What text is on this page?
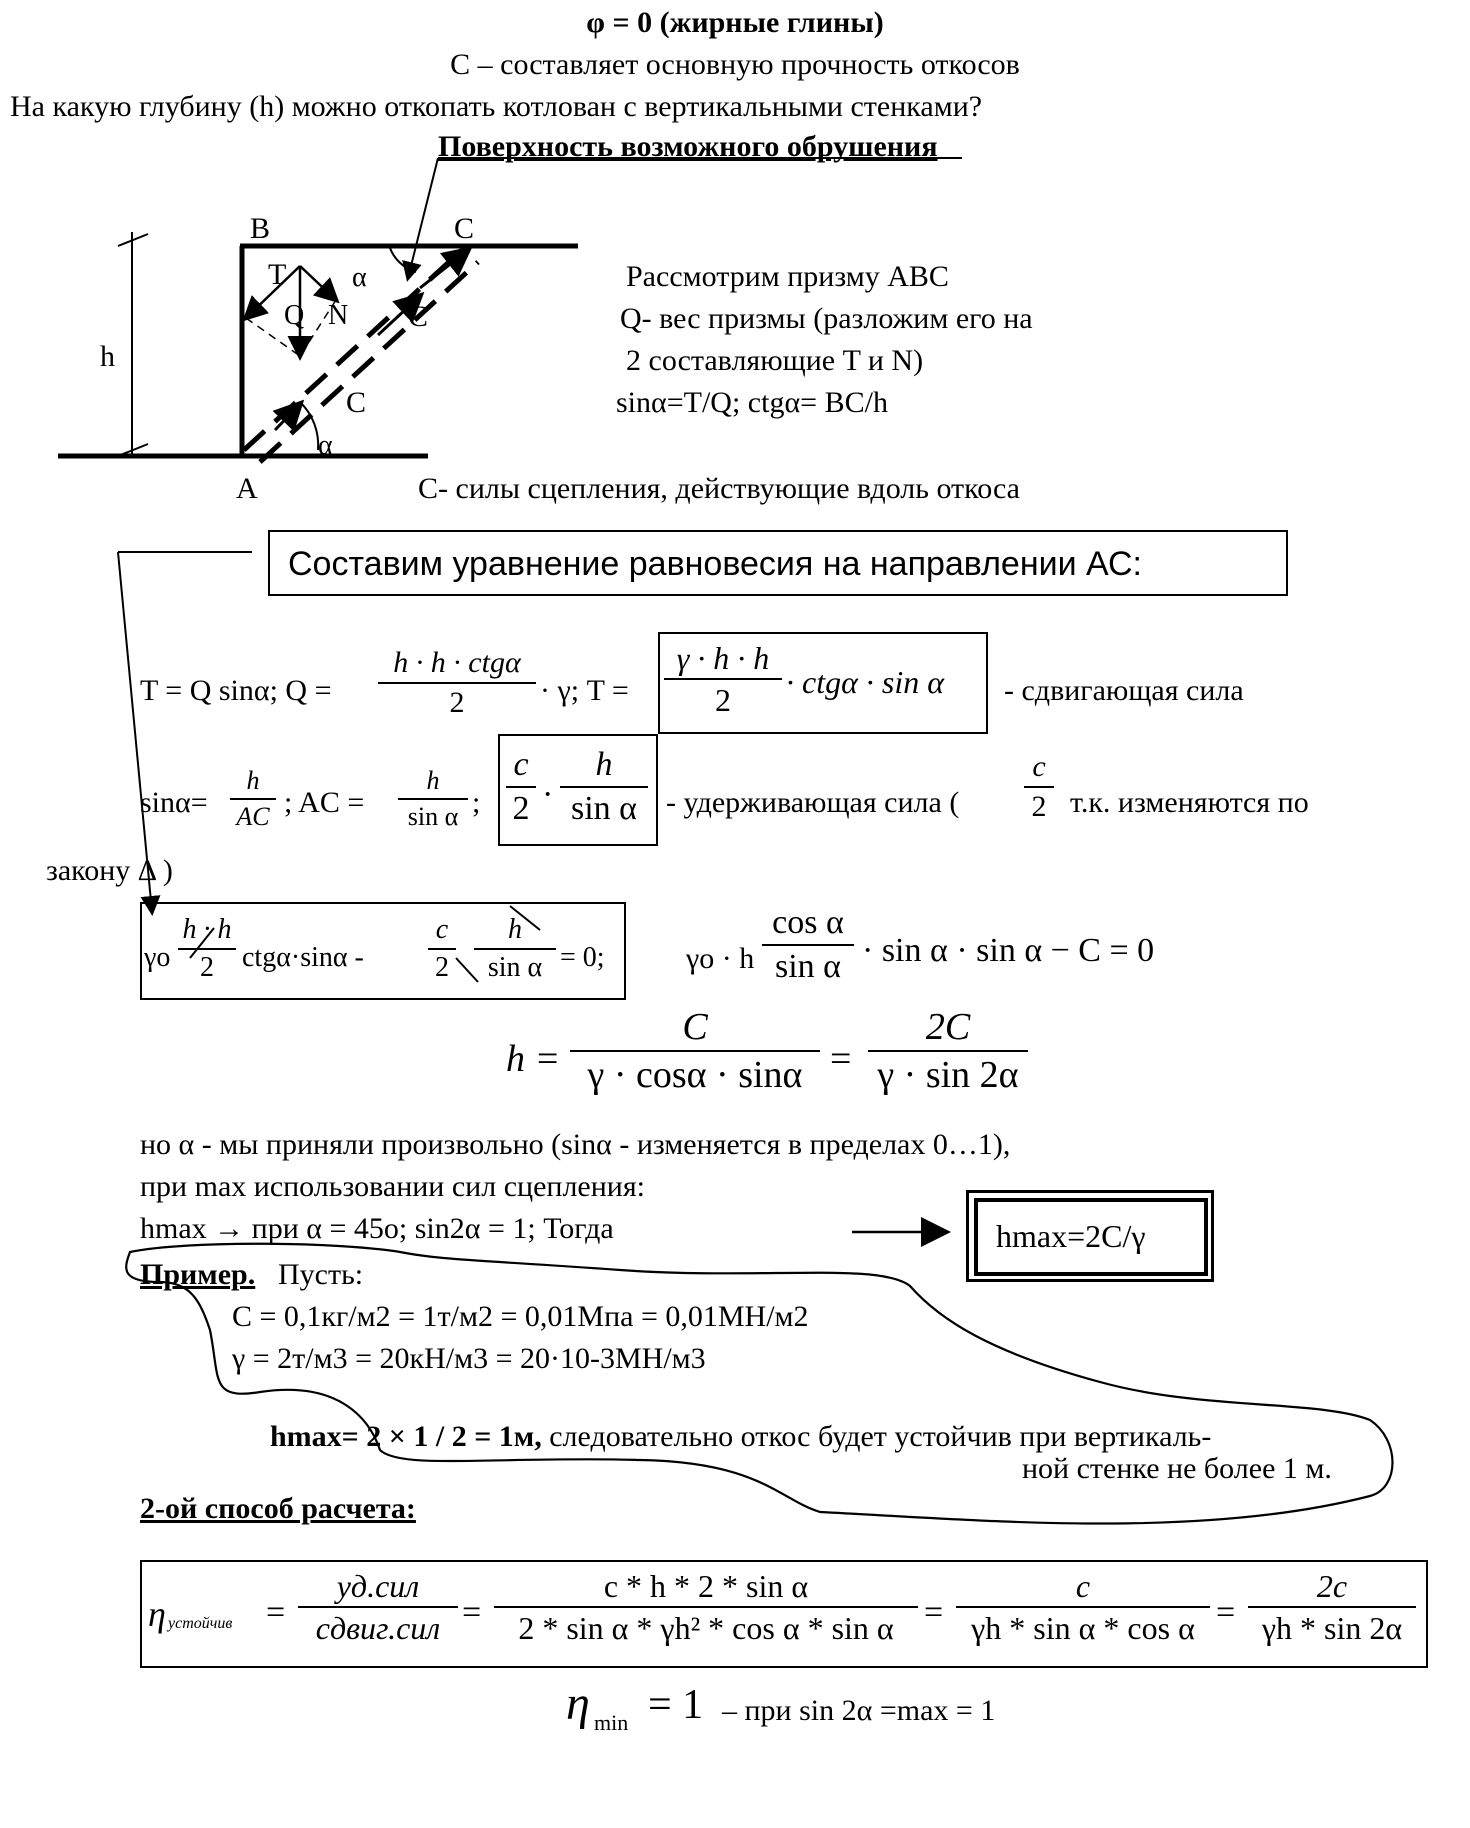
φ = 0 (жирные глины)
С – составляет основную прочность откосов
На какую глубину (h) можно откопать котлован с вертикальными стенками?
Поверхность возможного обрушения
B	C
T α
Q N C
h
C
α
A
Рассмотрим призму ABC
Q- вес призмы (разложим его на
2 составляющие T и N)
sinα=T/Q; ctgα= BC/h
C- силы сцепления, действующие вдоль откоса
Составим уравнение равновесия на направлении АС:
T = Q sinα; Q =
h · h · ctgα
2	· γ; T =
γ · h · h
2	· ctgα · sin α - сдвигающая сила
sinα=
h
AC ; AC =
h
sin α ;
c
2 ·
h
sin α - удерживающая сила (
c
2 т.к. изменяются по
закону Δ )
γo
h · h
2	ctgα·sinα -
c
2
h
sin α = 0;	γo · h
cos α
sin α · sin α · sin α − C = 0
h =
C
γ · cosα · sinα =
2C
γ · sin 2α
но α - мы приняли произвольно (sinα - изменяется в пределах 0…1),
при max использовании сил сцепления:
hmax → при α = 45o; sin2α = 1; Тогда	hmax=2C/γ
Пример. Пусть:
С = 0,1кг/м2 = 1т/м2 = 0,01Мпа = 0,01МН/м2
γ = 2т/м3 = 20кН/м3 = 20·10-3МН/м3
hmax= 2 × 1 / 2 = 1м, следовательно откос будет устойчив при вертикаль-
ной стенке не более 1 м.
2-ой способ расчета:
η устойчив =
уд.сил
сдвиг.сил =
c * h * 2 * sin α
2 * sin α * γh² * cos α * sin α =
c
γh * sin α * cos α =
2c
γh * sin 2α
η min = 1 – при sin 2α =max = 1
